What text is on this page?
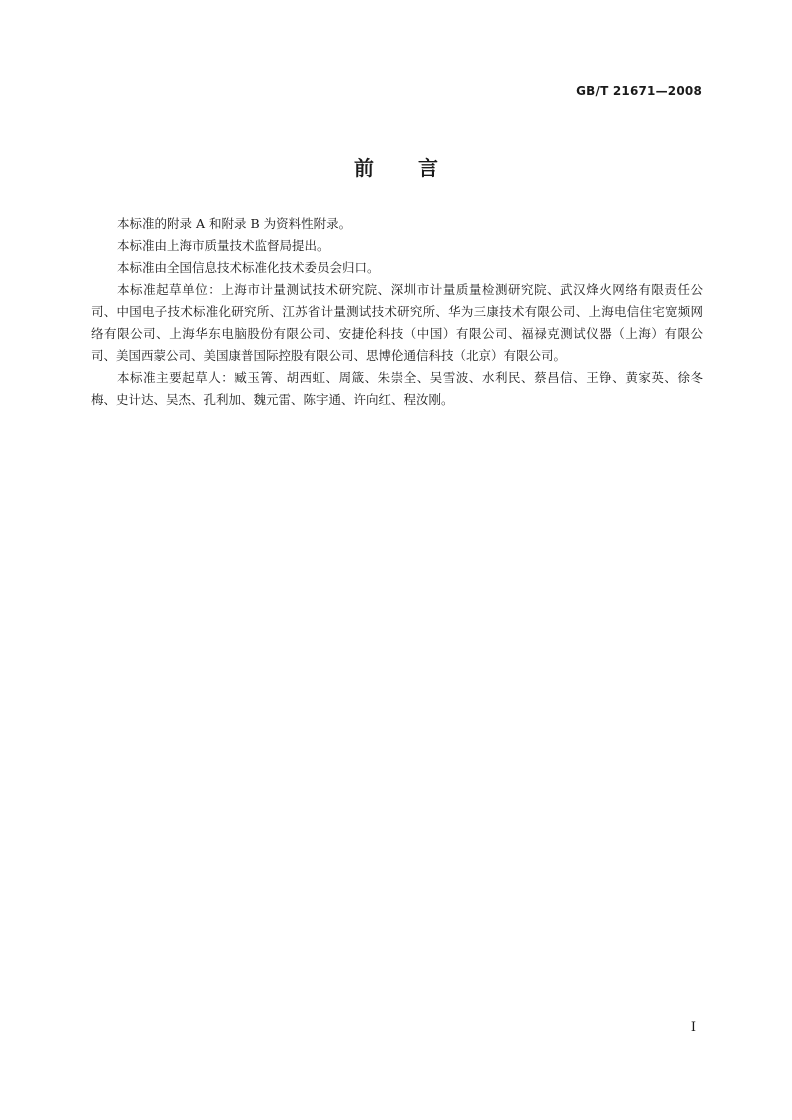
GB/T 21671—2008
前言

本标准的附录 A 和附录 B 为资料性附录。

本标准由上海市质量技术监督局提出。

本标准由全国信息技术标准化技术委员会归口。

本标准起草单位：上海市计量测试技术研究院、深圳市计量质量检测研究院、武汉烽火网络有限责任公司、中国电子技术标准化研究所、江苏省计量测试技术研究所、华为三康技术有限公司、上海电信住宅宽频网络有限公司、上海华东电脑股份有限公司、安捷伦科技（中国）有限公司、福禄克测试仪器（上海）有限公司、美国西蒙公司、美国康普国际控股有限公司、思博伦通信科技（北京）有限公司。

本标准主要起草人：臧玉箐、胡西虹、周箴、朱崇全、吴雪波、水利民、蔡昌信、王铮、黄家英、徐冬梅、史计达、吴杰、孔利加、魏元雷、陈宇通、许向红、程汝刚。

I
